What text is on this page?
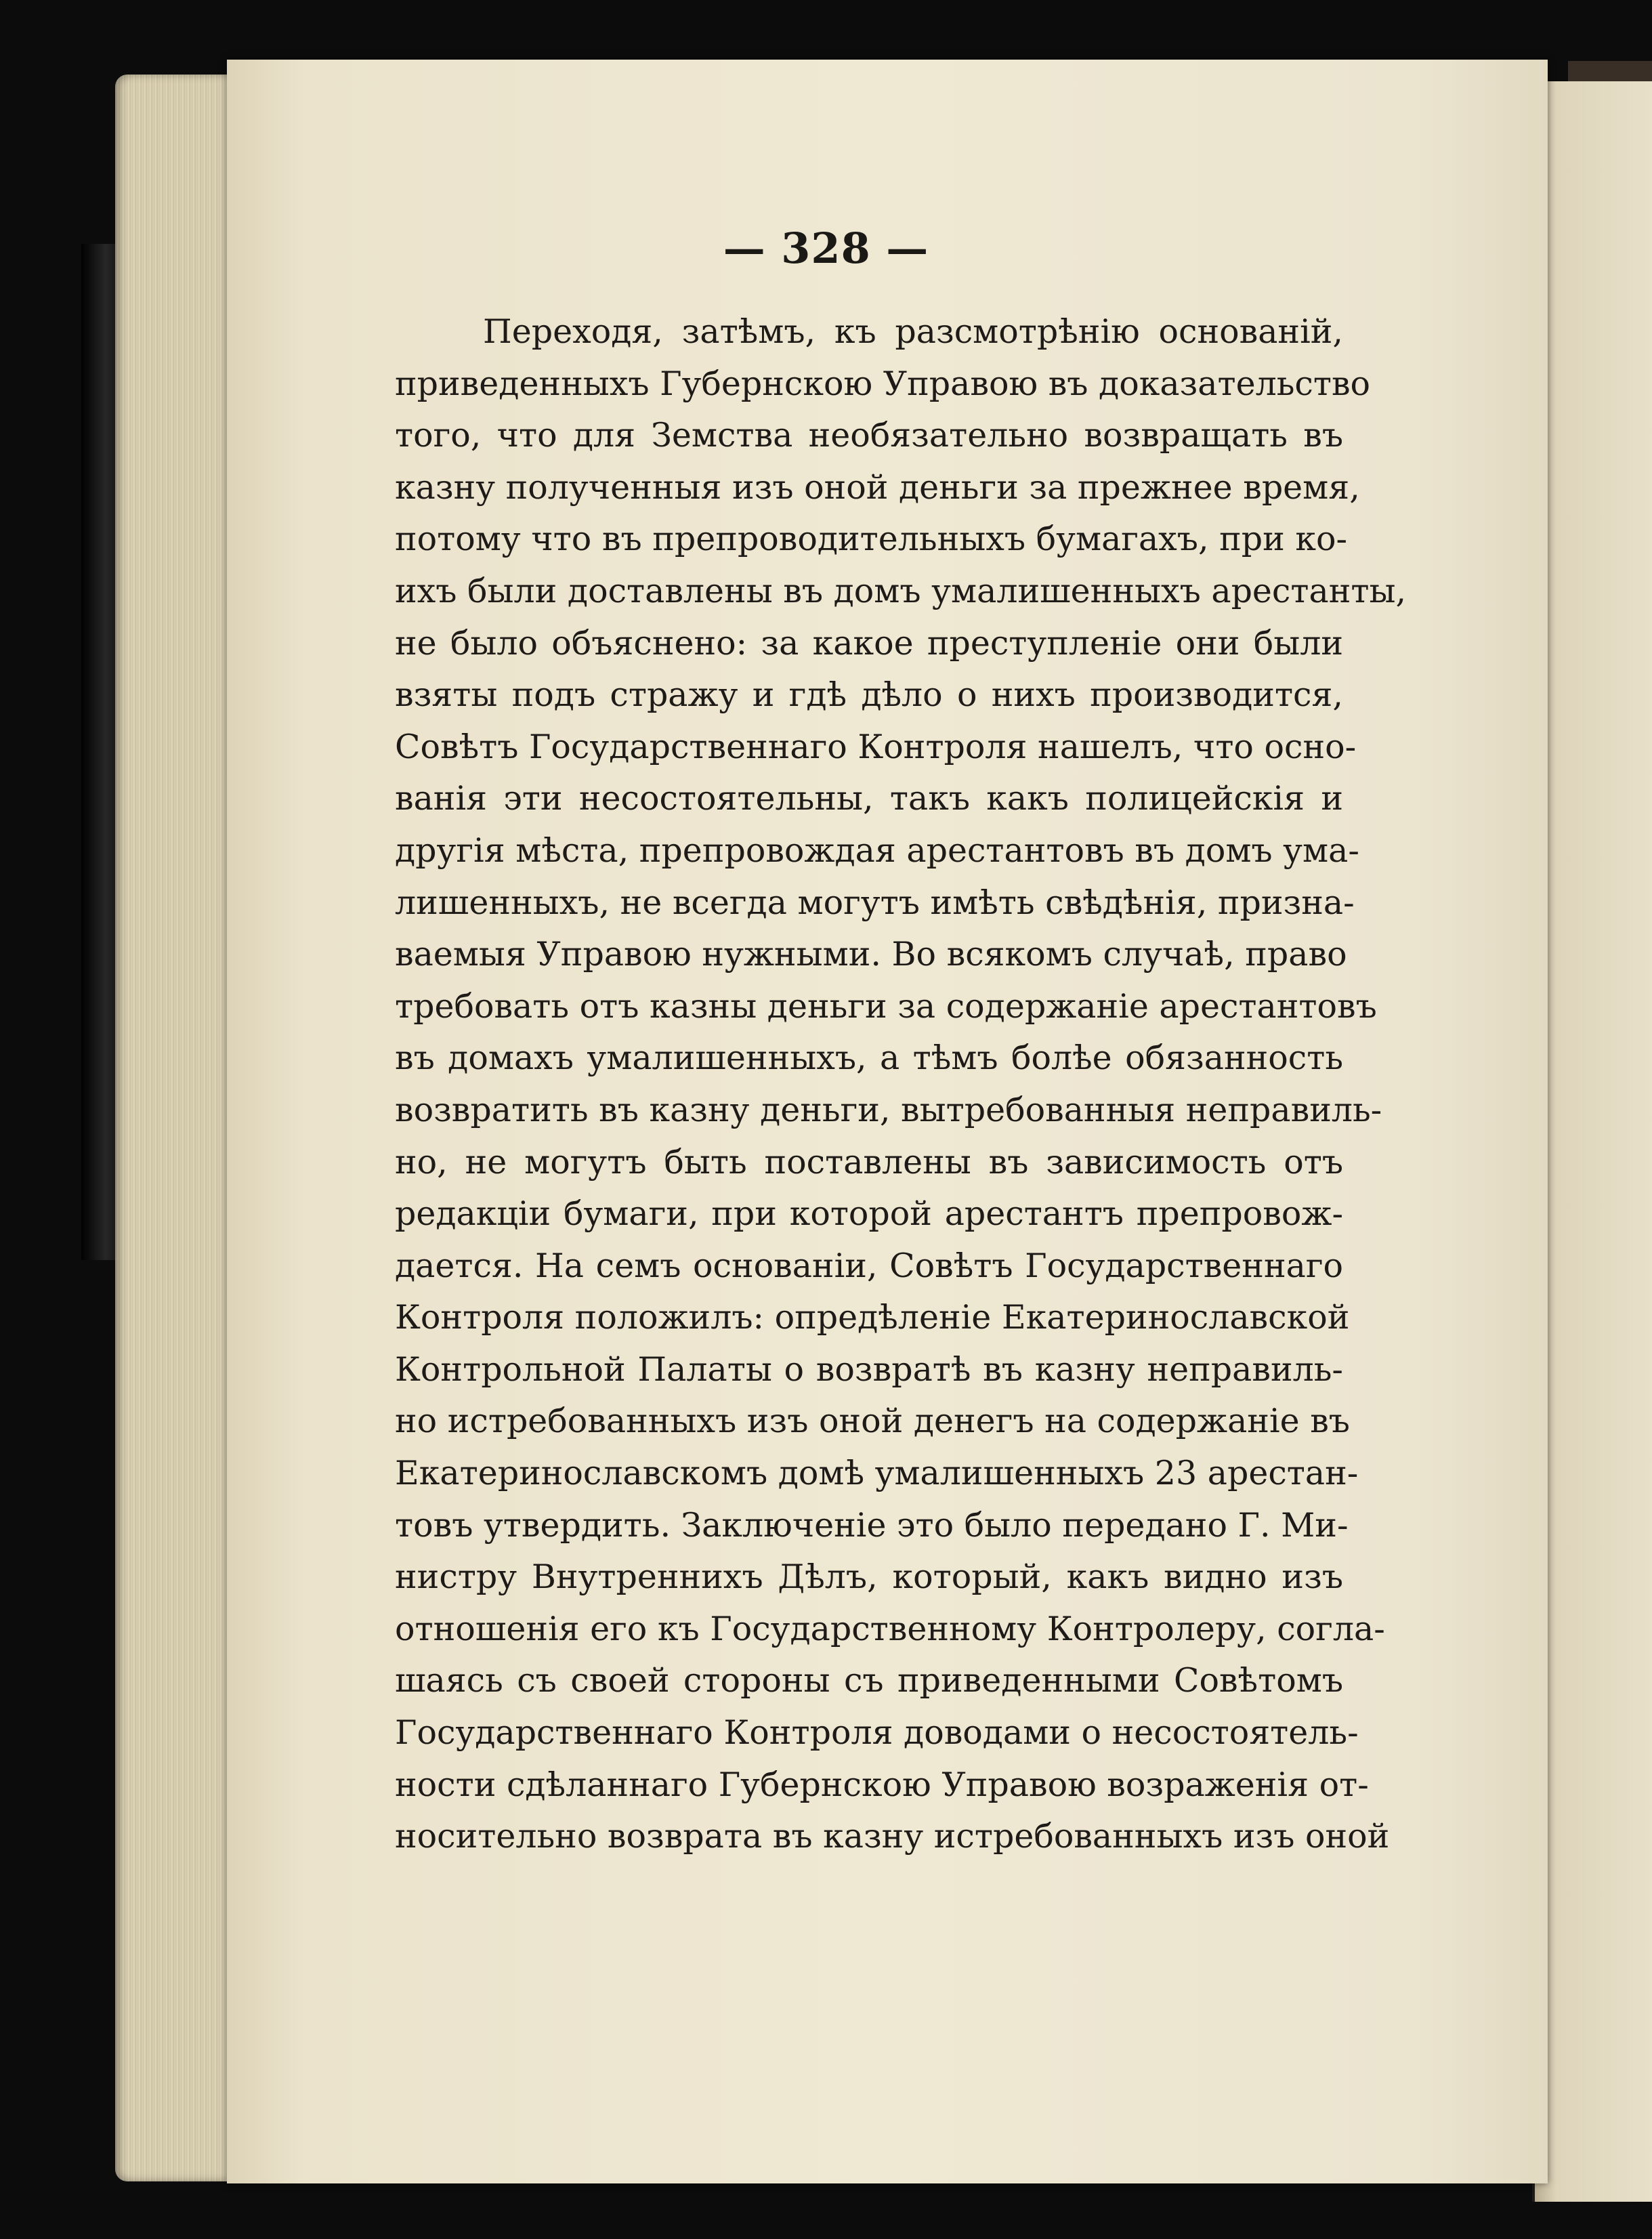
— 328 —
Переходя, затѣмъ, къ разсмотрѣнію основаній,
приведенныхъ Губернскою Управою въ доказательство
того, что для Земства необязательно возвращать въ
казну полученныя изъ оной деньги за прежнее время,
потому что въ препроводительныхъ бумагахъ, при ко-
ихъ были доставлены въ домъ умалишенныхъ арестанты,
не было объяснено: за какое преступленіе они были
взяты подъ стражу и гдѣ дѣло о нихъ производится,
Совѣтъ Государственнаго Контроля нашелъ, что осно-
ванія эти несостоятельны, такъ какъ полицейскія и
другія мѣста, препровождая арестантовъ въ домъ ума-
лишенныхъ, не всегда могутъ имѣть свѣдѣнія, призна-
ваемыя Управою нужными. Во всякомъ случаѣ, право
требовать отъ казны деньги за содержаніе арестантовъ
въ домахъ умалишенныхъ, а тѣмъ болѣе обязанность
возвратить въ казну деньги, вытребованныя неправиль-
но, не могутъ быть поставлены въ зависимость отъ
редакціи бумаги, при которой арестантъ препровож-
дается. На семъ основаніи, Совѣтъ Государственнаго
Контроля положилъ: опредѣленіе Екатеринославской
Контрольной Палаты о возвратѣ въ казну неправиль-
но истребованныхъ изъ оной денегъ на содержаніе въ
Екатеринославскомъ домѣ умалишенныхъ 23 арестан-
товъ утвердить. Заключеніе это было передано Г. Ми-
нистру Внутреннихъ Дѣлъ, который, какъ видно изъ
отношенія его къ Государственному Контролеру, согла-
шаясь съ своей стороны съ приведенными Совѣтомъ
Государственнаго Контроля доводами о несостоятель-
ности сдѣланнаго Губернскою Управою возраженія от-
носительно возврата въ казну истребованныхъ изъ оной
